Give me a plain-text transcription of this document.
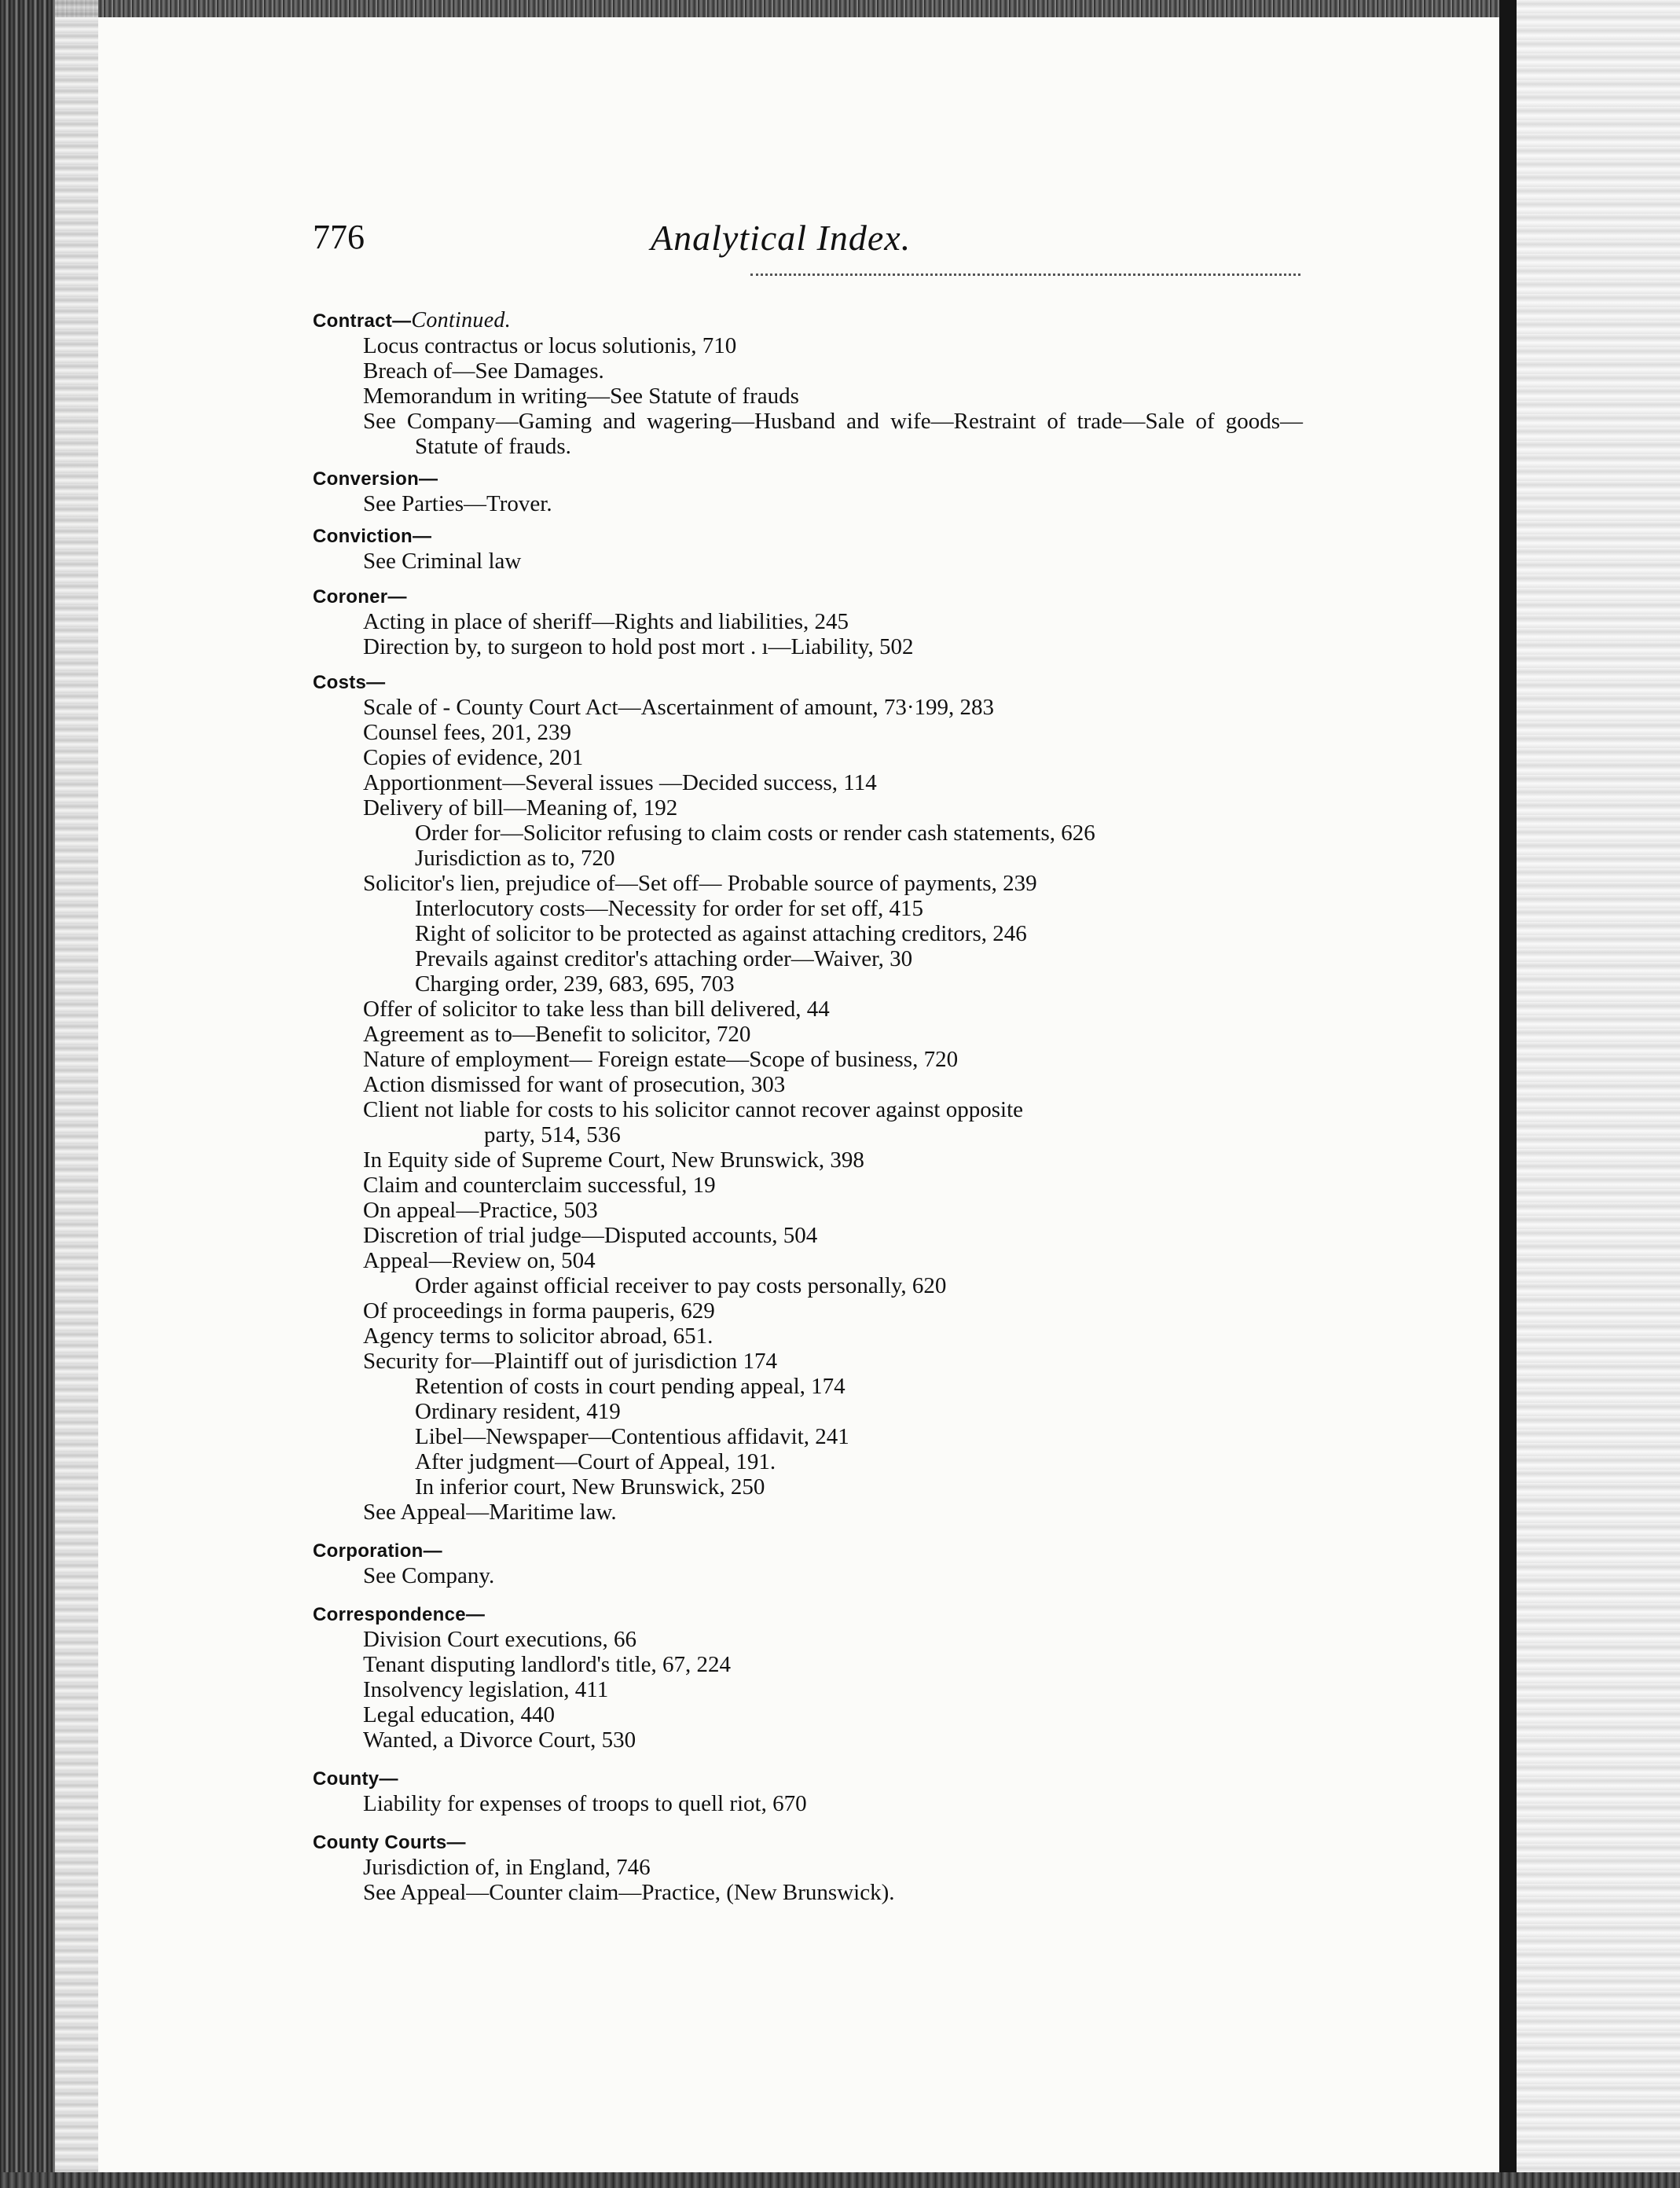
776	Analytical Index.
Contract—Continued.
Locus contractus or locus solutionis, 710
Breach of—See Damages.
Memorandum in writing—See Statute of frauds
See Company—Gaming and wagering—Husband and wife—Restraint of trade—Sale of goods—Statute of frauds.
Conversion—
See Parties—Trover.
Conviction—
See Criminal law
Coroner—
Acting in place of sheriff—Rights and liabilities, 245
Direction by, to surgeon to hold post mort . ı—Liability, 502
Costs—
Scale of - County Court Act—Ascertainment of amount, 73·199, 283
Counsel fees, 201, 239
Copies of evidence, 201
Apportionment—Several issues —Decided success, 114
Delivery of bill—Meaning of, 192
Order for—Solicitor refusing to claim costs or render cash statements, 626
Jurisdiction as to, 720
Solicitor's lien, prejudice of—Set off— Probable source of payments, 239
Interlocutory costs—Necessity for order for set off, 415
Right of solicitor to be protected as against attaching creditors, 246
Prevails against creditor's attaching order—Waiver, 30
Charging order, 239, 683, 695, 703
Offer of solicitor to take less than bill delivered, 44
Agreement as to—Benefit to solicitor, 720
Nature of employment— Foreign estate—Scope of business, 720
Action dismissed for want of prosecution, 303
Client not liable for costs to his solicitor cannot recover against opposite
party, 514, 536
In Equity side of Supreme Court, New Brunswick, 398
Claim and counterclaim successful, 19
On appeal—Practice, 503
Discretion of trial judge—Disputed accounts, 504
Appeal—Review on, 504
Order against official receiver to pay costs personally, 620
Of proceedings in forma pauperis, 629
Agency terms to solicitor abroad, 651.
Security for—Plaintiff out of jurisdiction 174
Retention of costs in court pending appeal, 174
Ordinary resident, 419
Libel—Newspaper—Contentious affidavit, 241
After judgment—Court of Appeal, 191.
In inferior court, New Brunswick, 250
See Appeal—Maritime law.
Corporation—
See Company.
Correspondence—
Division Court executions, 66
Tenant disputing landlord's title, 67, 224
Insolvency legislation, 411
Legal education, 440
Wanted, a Divorce Court, 530
County—
Liability for expenses of troops to quell riot, 670
County Courts—
Jurisdiction of, in England, 746
See Appeal—Counter claim—Practice, (New Brunswick).
